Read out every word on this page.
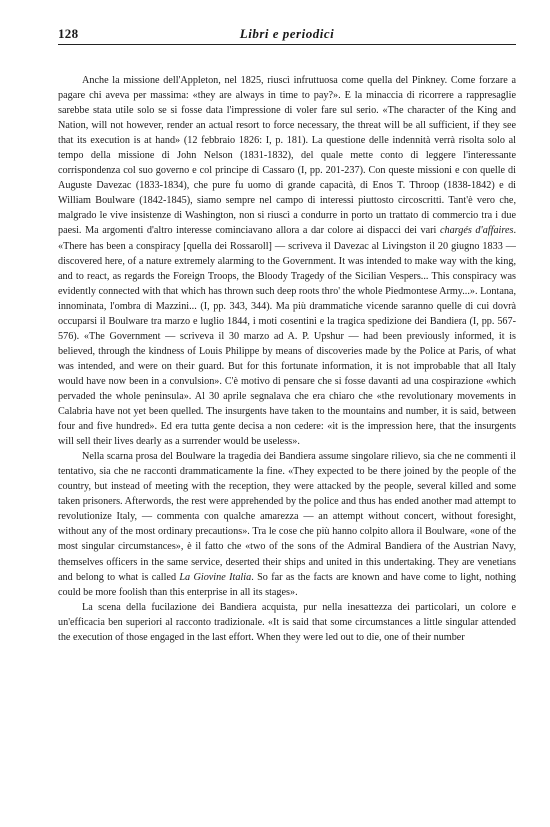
128	Libri e periodici

Anche la missione dell'Appleton, nel 1825, riuscì infruttuosa come quella del Pinkney. Come forzare a pagare chi aveva per massima: «they are always in time to pay?». E la minaccia di ricorrere a rappresaglie sarebbe stata utile solo se si fosse data l'impressione di voler fare sul serio. «The character of the King and Nation, will not however, render an actual resort to force necessary, the threat will be all sufficient, if they see that its execution is at hand» (12 febbraio 1826: I, p. 181). La questione delle indennità verrà risolta solo al tempo della missione di John Nelson (1831-1832), del quale mette conto di leggere l'interessante corrispondenza col suo governo e col principe di Cassaro (I, pp. 201-237). Con queste missioni e con quelle di Auguste Davezac (1833-1834), che pure fu uomo di grande capacità, di Enos T. Throop (1838-1842) e di William Boulware (1842-1845), siamo sempre nel campo di interessi piuttosto circoscritti. Tant'è vero che, malgrado le vive insistenze di Washington, non si riuscì a condurre in porto un trattato di commercio tra i due paesi. Ma argomenti d'altro interesse cominciavano allora a dar colore ai dispacci dei vari chargés d'affaires. «There has been a conspiracy [quella dei Rossaroll] — scriveva il Davezac al Livingston il 20 giugno 1833 — discovered here, of a nature extremely alarming to the Government. It was intended to make way with the king, and to react, as regards the Foreign Troops, the Bloody Tragedy of the Sicilian Vespers... This conspiracy was evidently connected with that which has thrown such deep roots thro' the whole Piedmontese Army...». Lontana, innominata, l'ombra di Mazzini... (I, pp. 343, 344). Ma più drammatiche vicende saranno quelle di cui dovrà occuparsi il Boulware tra marzo e luglio 1844, i moti cosentini e la tragica spedizione dei Bandiera (I, pp. 567-576). «The Government — scriveva il 30 marzo ad A. P. Upshur — had been previously informed, it is believed, through the kindness of Louis Philippe by means of discoveries made by the Police at Paris, of what was intended, and were on their guard. But for this fortunate information, it is not improbable that all Italy would have now been in a convulsion». C'è motivo di pensare che si fosse davanti ad una cospirazione «which pervaded the whole peninsula». Al 30 aprile segnalava che era chiaro che «the revolutionary movements in Calabria have not yet been quelled. The insurgents have taken to the mountains and number, it is said, between four and five hundred». Ed era tutta gente decisa a non cedere: «it is the impression here, that the insurgents will sell their lives dearly as a surrender would be useless».

Nella scarna prosa del Boulware la tragedia dei Bandiera assume singolare rilievo, sia che ne commenti il tentativo, sia che ne racconti drammaticamente la fine. «They expected to be there joined by the people of the country, but instead of meeting with the reception, they were attacked by the people, several killed and some taken prisoners. Afterwords, the rest were apprehended by the police and thus has ended another mad attempt to revolutionize Italy, — commenta con qualche amarezza — an attempt without concert, without foresight, without any of the most ordinary precautions». Tra le cose che più hanno colpito allora il Boulware, «one of the most singular circumstances», è il fatto che «two of the sons of the Admiral Bandiera of the Austrian Navy, themselves officers in the same service, deserted their ships and united in this undertaking. They are venetians and belong to what is called La Giovine Italia. So far as the facts are known and have come to light, nothing could be more foolish than this enterprise in all its stages».

La scena della fucilazione dei Bandiera acquista, pur nella inesattezza dei particolari, un colore e un'efficacia ben superiori al racconto tradizionale. «It is said that some circumstances a little singular attended the execution of those engaged in the last effort. When they were led out to die, one of their number
